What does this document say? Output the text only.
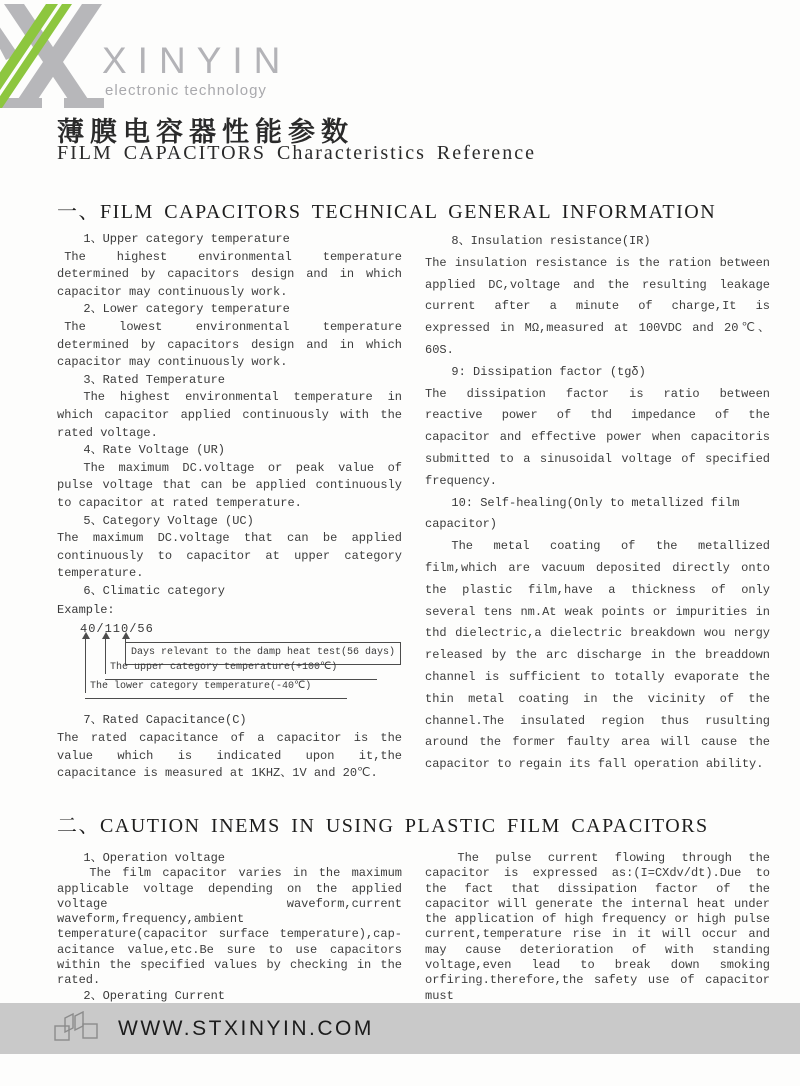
XINYIN
electronic technology
薄膜电容器性能参数
FILM CAPACITORS Characteristics Reference
一、FILM CAPACITORS TECHNICAL GENERAL INFORMATION
1、Upper category temperature

The highest environmental temperature determined by capacitors design and in which capacitor may continuously work.

2、Lower category temperature

The lowest environmental temperature determined by capacitors design and in which capacitor may continuously work.

3、Rated Temperature

The highest environmental temperature in which capacitor applied continuously with the rated voltage.

4、Rate Voltage (UR)

The maximum DC.voltage or peak value of pulse voltage that can be applied continuously to capacitor at rated temperature.

5、Category Voltage (UC)

The maximum DC.voltage that can be applied continuously to capacitor at upper category temperature.

6、Climatic category
Example:
40/110/56
Days relevant to the damp heat test(56 days)
The upper category temperature(+100℃)
The lower category temperature(-40℃)
7、Rated Capacitance(C)

The rated capacitance of a capacitor is the value which is indicated upon it,the capacitance is measured at 1KHZ、1V and 20℃.

8、Insulation resistance(IR)

The insulation resistance is the ration between applied DC,voltage and the resulting leakage current after a minute of charge,It is expressed in MΩ,measured at 100VDC and 20℃、60S.

9: Dissipation factor (tgδ)

The dissipation factor is ratio between reactive power of thd impedance of the capacitor and effective power when capacitoris submitted to a sinusoidal voltage of specified frequency.

10: Self-healing(Only to metallized film capacitor)

The metal coating of the metallized film,which are vacuum deposited directly onto the plastic film,have a thickness of only several tens nm.At weak points or impurities in thd dielectric,a dielectric breakdown wou nergy released by the arc discharge in the breaddown channel is sufficient to totally evaporate the thin metal coating in the vicinity of the channel.The insulated region thus rusulting around the former faulty area will cause the capacitor to regain its fall operation ability.

二、CAUTION INEMS IN USING PLASTIC FILM CAPACITORS
1、Operation voltage

The film capacitor varies in the maximum applicable voltage depending on the applied voltage waveform,current waveform,frequency,ambient temperature(capacitor surface temperature),cap-acitance value,etc.Be sure to use capacitors within the specified values by checking in the rated.

2、Operating Current

The pulse current flowing through the capacitor is expressed as:(I=CXdv/dt).Due to the fact that dissipation factor of the capacitor will generate the internal heat under the application of high frequency or high pulse current,temperature rise in it will occur and may cause deterioration of with standing voltage,even lead to break down smoking orfiring.therefore,the safety use of capacitor must

WWW.STXINYIN.COM
